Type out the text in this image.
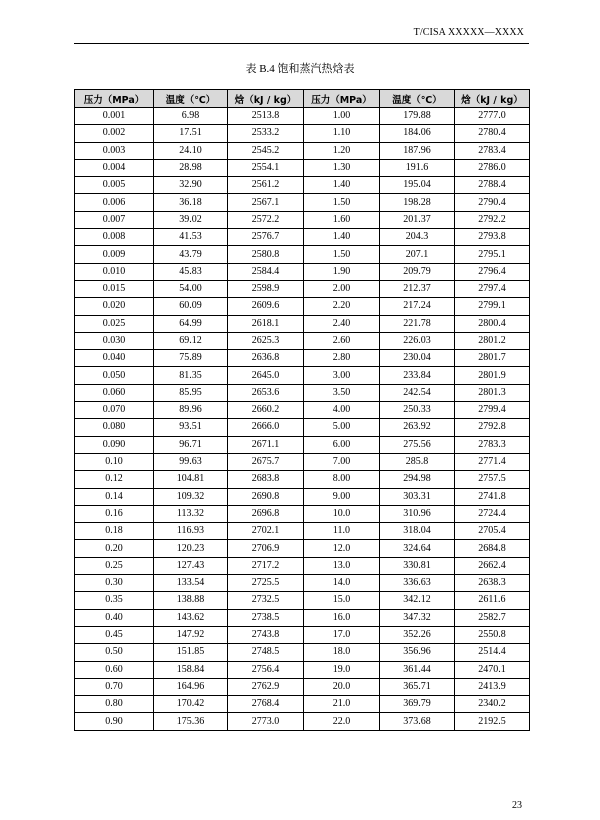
T/CISA XXXXX—XXXX
表 B.4 饱和蒸汽热焓表
压力（MPa）	温度（℃）	焓（kJ / kg）	压力（MPa）	温度（℃）	焓（kJ / kg）
0.001	6.98	2513.8	1.00	179.88	2777.0
0.002	17.51	2533.2	1.10	184.06	2780.4
0.003	24.10	2545.2	1.20	187.96	2783.4
0.004	28.98	2554.1	1.30	191.6	2786.0
0.005	32.90	2561.2	1.40	195.04	2788.4
0.006	36.18	2567.1	1.50	198.28	2790.4
0.007	39.02	2572.2	1.60	201.37	2792.2
0.008	41.53	2576.7	1.40	204.3	2793.8
0.009	43.79	2580.8	1.50	207.1	2795.1
0.010	45.83	2584.4	1.90	209.79	2796.4
0.015	54.00	2598.9	2.00	212.37	2797.4
0.020	60.09	2609.6	2.20	217.24	2799.1
0.025	64.99	2618.1	2.40	221.78	2800.4
0.030	69.12	2625.3	2.60	226.03	2801.2
0.040	75.89	2636.8	2.80	230.04	2801.7
0.050	81.35	2645.0	3.00	233.84	2801.9
0.060	85.95	2653.6	3.50	242.54	2801.3
0.070	89.96	2660.2	4.00	250.33	2799.4
0.080	93.51	2666.0	5.00	263.92	2792.8
0.090	96.71	2671.1	6.00	275.56	2783.3
0.10	99.63	2675.7	7.00	285.8	2771.4
0.12	104.81	2683.8	8.00	294.98	2757.5
0.14	109.32	2690.8	9.00	303.31	2741.8
0.16	113.32	2696.8	10.0	310.96	2724.4
0.18	116.93	2702.1	11.0	318.04	2705.4
0.20	120.23	2706.9	12.0	324.64	2684.8
0.25	127.43	2717.2	13.0	330.81	2662.4
0.30	133.54	2725.5	14.0	336.63	2638.3
0.35	138.88	2732.5	15.0	342.12	2611.6
0.40	143.62	2738.5	16.0	347.32	2582.7
0.45	147.92	2743.8	17.0	352.26	2550.8
0.50	151.85	2748.5	18.0	356.96	2514.4
0.60	158.84	2756.4	19.0	361.44	2470.1
0.70	164.96	2762.9	20.0	365.71	2413.9
0.80	170.42	2768.4	21.0	369.79	2340.2
0.90	175.36	2773.0	22.0	373.68	2192.5
23
